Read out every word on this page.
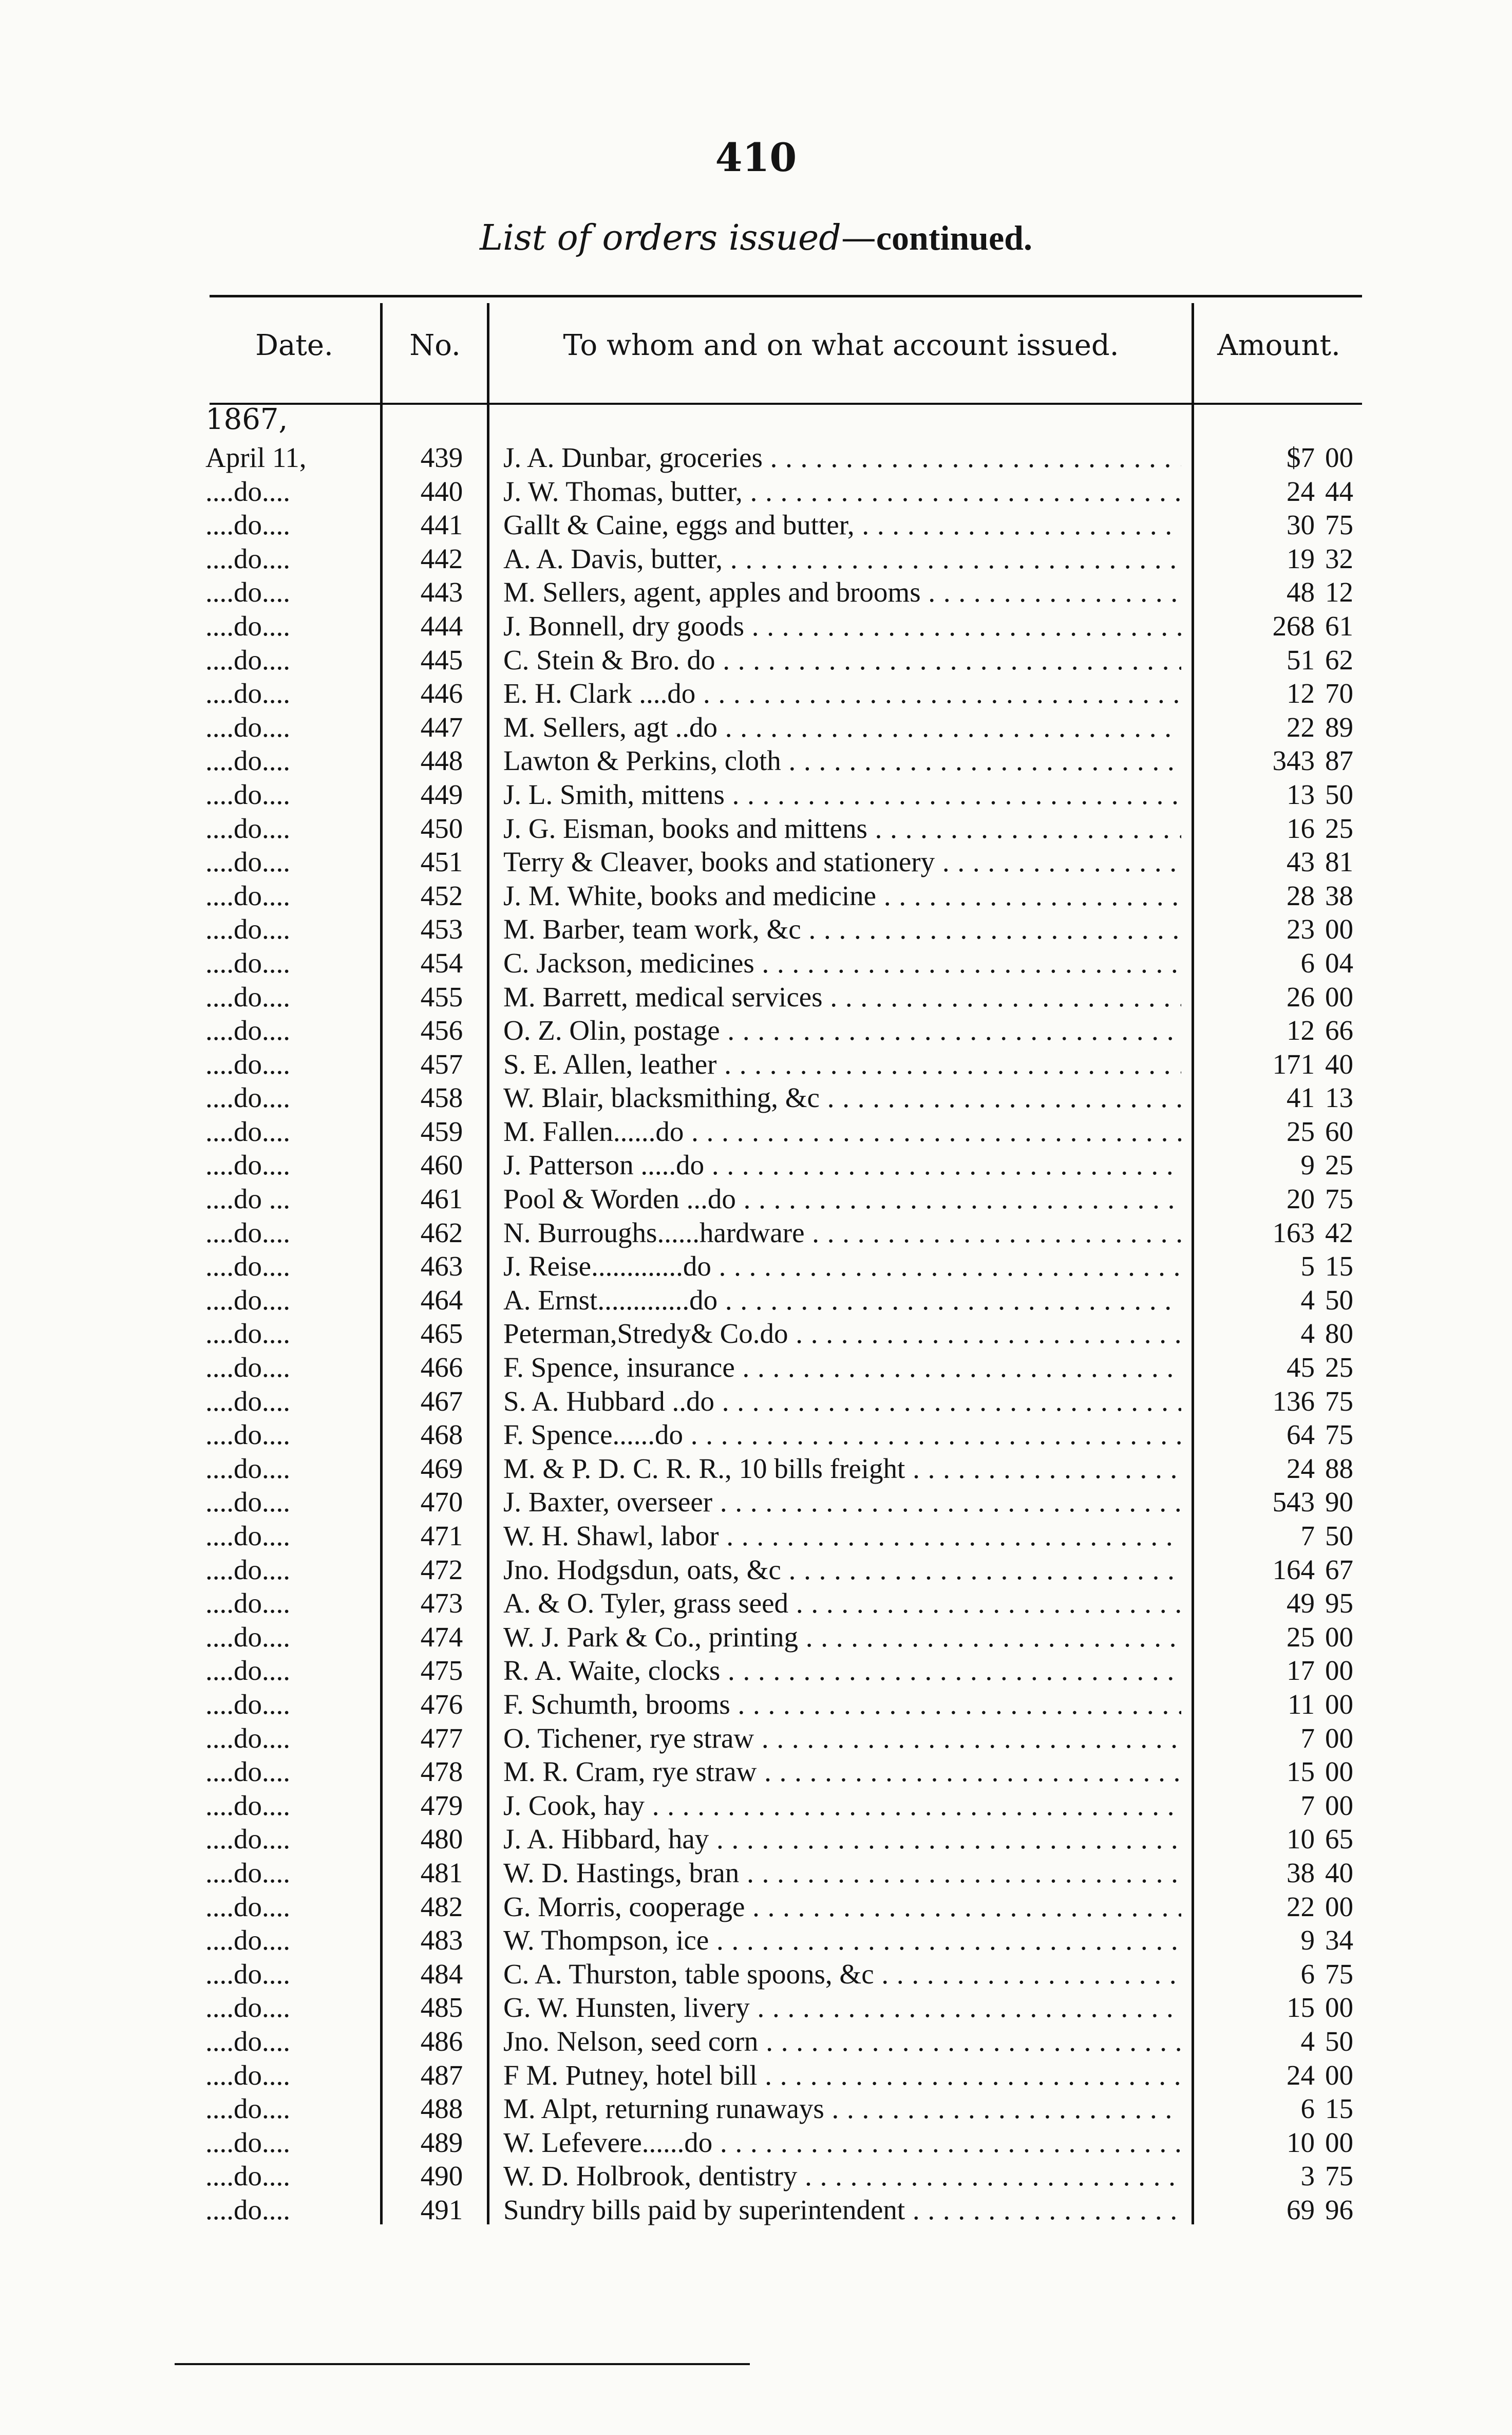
410
List of orders issued—continued.
Date.	No.	To whom and on what account issued.	Amount.
1867,
April 11,	439	J. A. Dunbar, groceries . . .	$7 00
....do....	440	J. W. Thomas, butter, . . .	24 44
....do....	441	Gallt & Caine, eggs and butter, . . .	30 75
....do....	442	A. A. Davis, butter, . . .	19 32
....do....	443	M. Sellers, agent, apples and brooms . . .	48 12
....do....	444	J. Bonnell, dry goods . . .	268 61
....do....	445	C. Stein & Bro. do . . .	51 62
....do....	446	E. H. Clark ....do . . .	12 70
....do....	447	M. Sellers, agt ..do . . .	22 89
....do....	448	Lawton & Perkins, cloth . . .	343 87
....do....	449	J. L. Smith, mittens . . .	13 50
....do....	450	J. G. Eisman, books and mittens . . .	16 25
....do....	451	Terry & Cleaver, books and stationery . . .	43 81
....do....	452	J. M. White, books and medicine . . .	28 38
....do....	453	M. Barber, team work, &c . . .	23 00
....do....	454	C. Jackson, medicines . . .	6 04
....do....	455	M. Barrett, medical services . . .	26 00
....do....	456	O. Z. Olin, postage . . .	12 66
....do....	457	S. E. Allen, leather . . .	171 40
....do....	458	W. Blair, blacksmithing, &c . . .	41 13
....do....	459	M. Fallen......do . . .	25 60
....do....	460	J. Patterson .....do . . .	9 25
....do ...	461	Pool & Worden ...do . . .	20 75
....do....	462	N. Burroughs......hardware . . .	163 42
....do....	463	J. Reise.............do . . .	5 15
....do....	464	A. Ernst.............do . . .	4 50
....do....	465	Peterman,Stredy& Co.do . . .	4 80
....do....	466	F. Spence, insurance . . .	45 25
....do....	467	S. A. Hubbard ..do . . .	136 75
....do....	468	F. Spence......do . . .	64 75
....do....	469	M. & P. D. C. R. R., 10 bills freight . . .	24 88
....do....	470	J. Baxter, overseer . . .	543 90
....do....	471	W. H. Shawl, labor . . .	7 50
....do....	472	Jno. Hodgsdun, oats, &c . . .	164 67
....do....	473	A. & O. Tyler, grass seed . . .	49 95
....do....	474	W. J. Park & Co., printing . . .	25 00
....do....	475	R. A. Waite, clocks . . .	17 00
....do....	476	F. Schumth, brooms . . .	11 00
....do....	477	O. Tichener, rye straw . . .	7 00
....do....	478	M. R. Cram, rye straw . . .	15 00
....do....	479	J. Cook, hay . . .	7 00
....do....	480	J. A. Hibbard, hay . . .	10 65
....do....	481	W. D. Hastings, bran . . .	38 40
....do....	482	G. Morris, cooperage . . .	22 00
....do....	483	W. Thompson, ice . . .	9 34
....do....	484	C. A. Thurston, table spoons, &c . . .	6 75
....do....	485	G. W. Hunsten, livery . . .	15 00
....do....	486	Jno. Nelson, seed corn . . .	4 50
....do....	487	F M. Putney, hotel bill . . .	24 00
....do....	488	M. Alpt, returning runaways . . .	6 15
....do....	489	W. Lefevere......do . . .	10 00
....do....	490	W. D. Holbrook, dentistry . . .	3 75
....do....	491	Sundry bills paid by superintendent . . .	69 96
